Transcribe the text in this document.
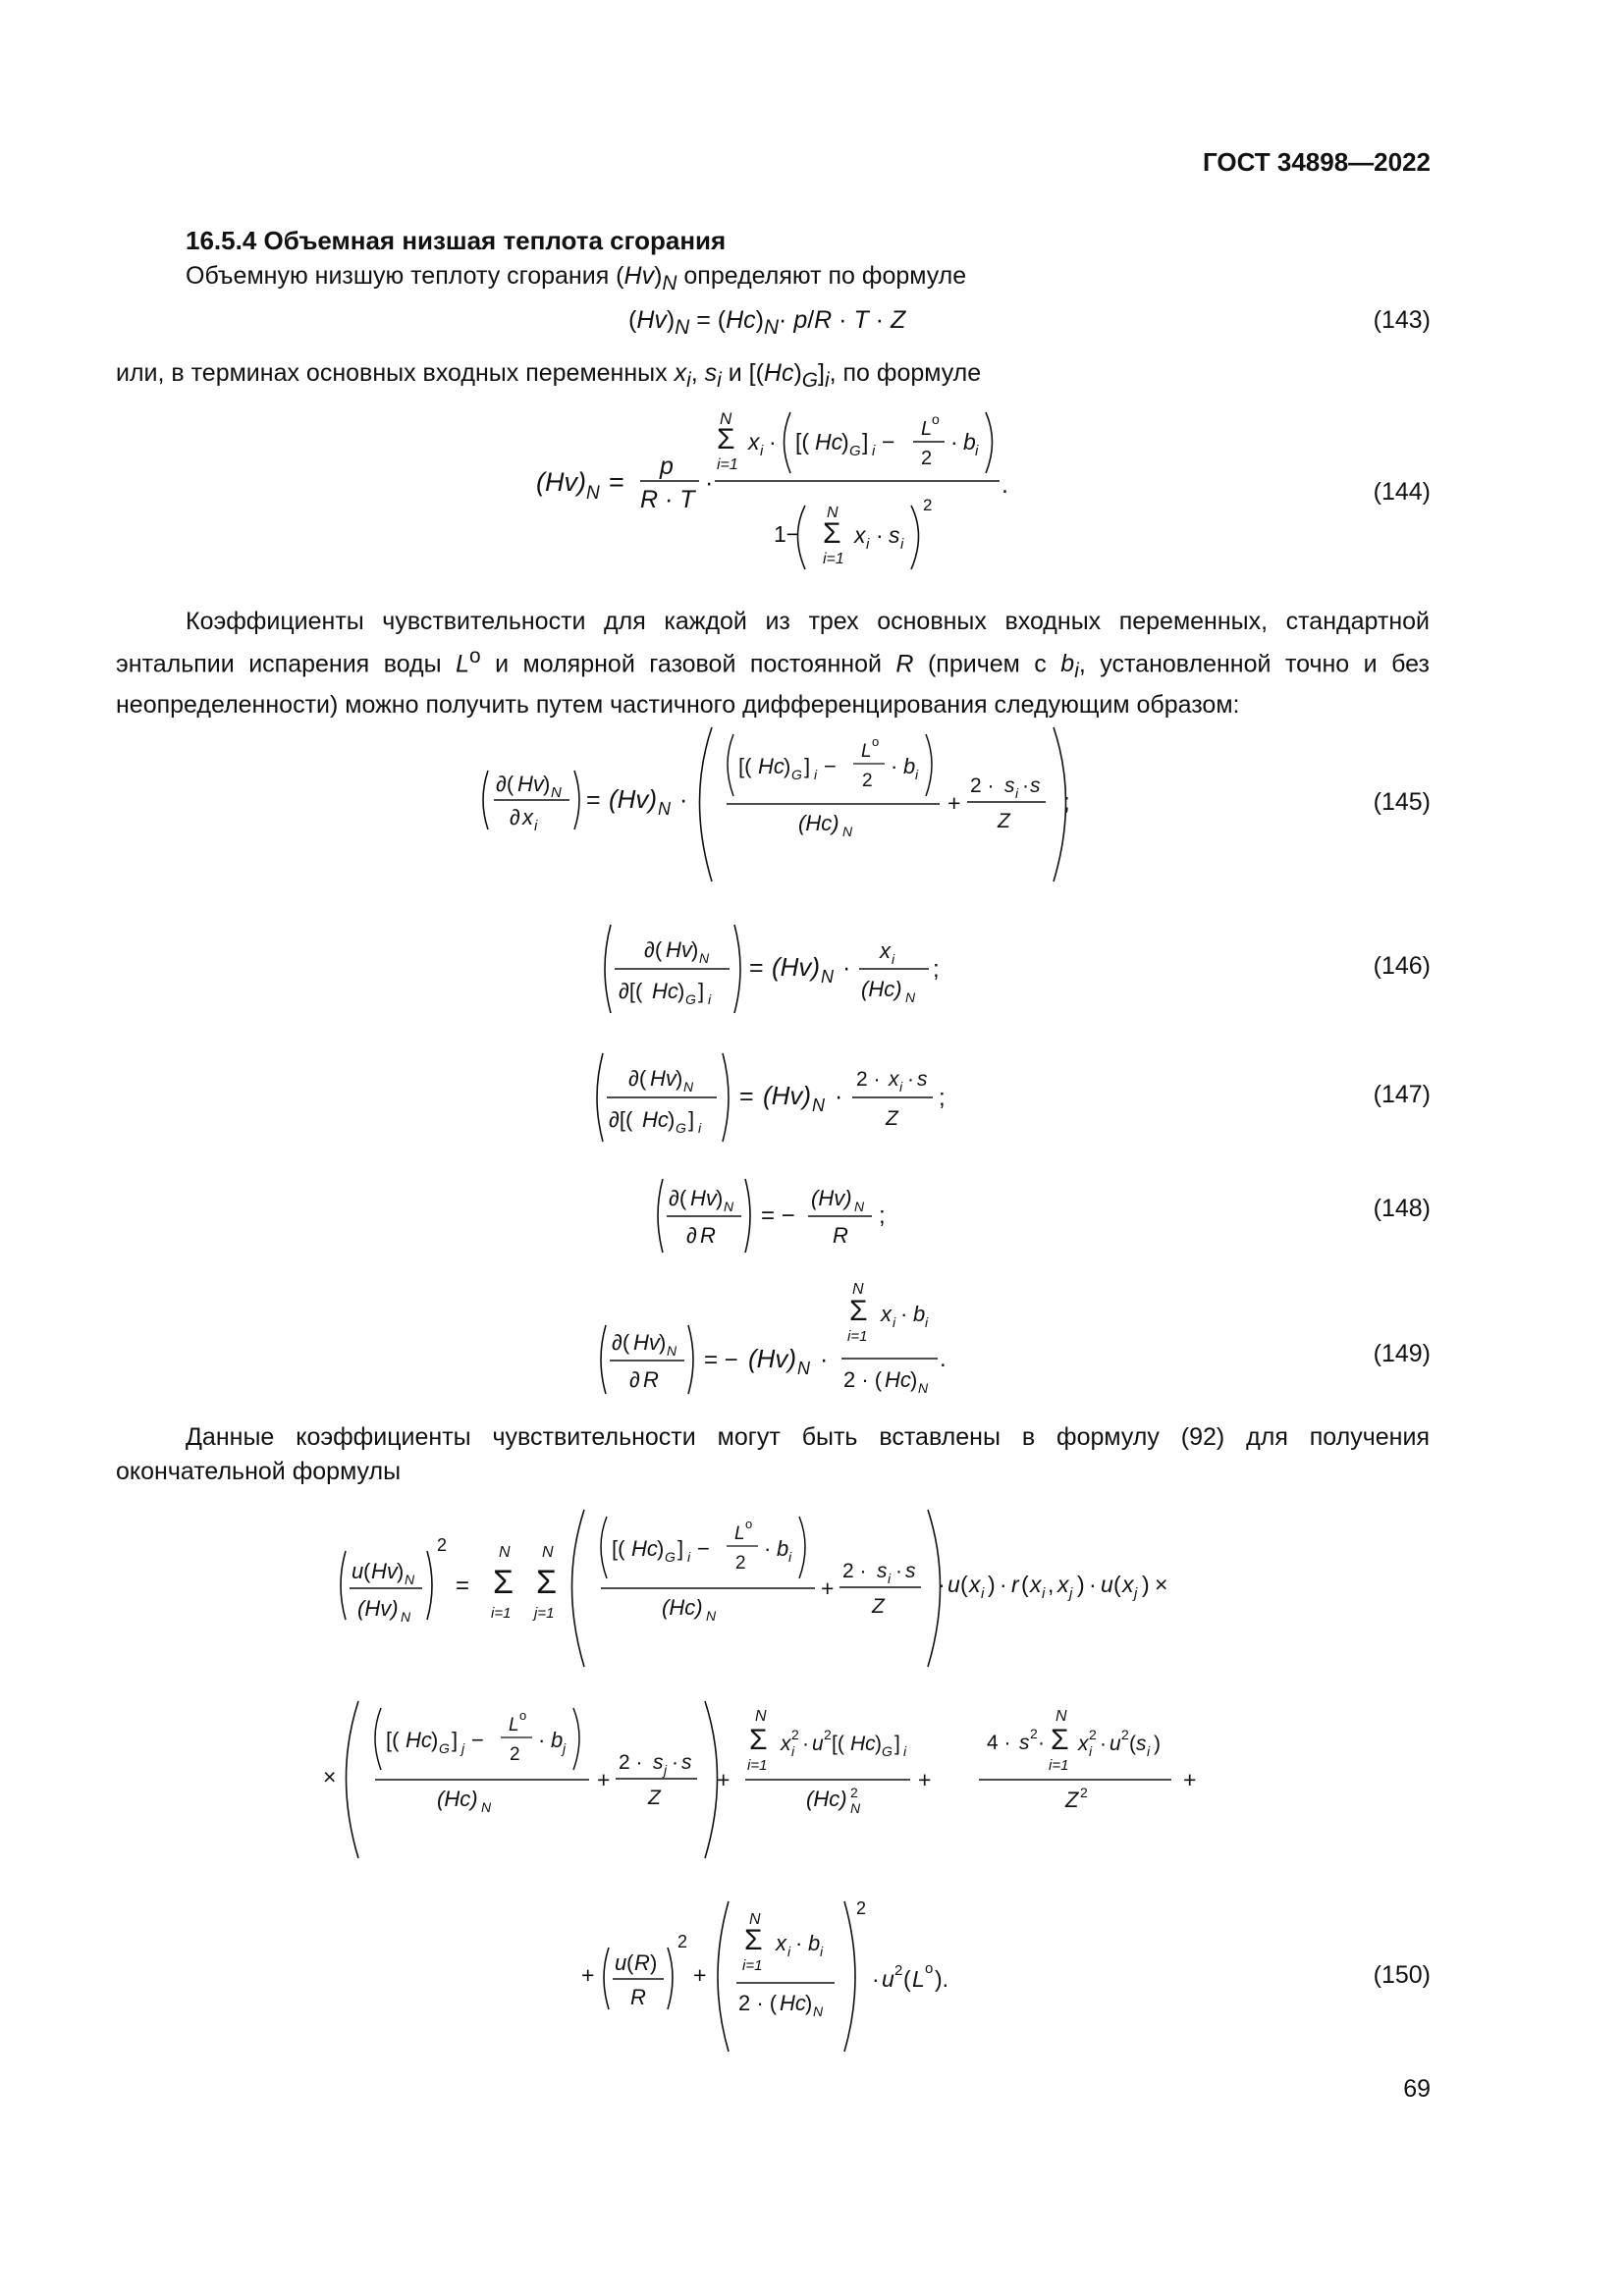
ГОСТ 34898—2022
16.5.4 Объемная низшая теплота сгорания
Объемную низшую теплоту сгорания $(Hv)_N$ определяют по формуле
$(Hv)_N = (Hc)_N\cdot p/R \cdot T \cdot Z$	(143)
или, в терминах основных входных переменных $x_i$, $s_i$ и $[(Hc)_G]_i$, по формуле
(Hv) N =
p
R · T
·
N
Σ
i=1
x i · [( Hc
) G ] i − L o
2
· b i
1−
N
Σ
i=1
x i · s i
2
.	(144)
Коэффициенты чувствительности для каждой из трех основных входных переменных, стандартной энтальпии испарения воды $L^o$ и молярной газовой постоянной R (причем с $b_i$, установленной точно и без неопределенности) можно получить путем частичного дифференцирования следующим образом:
∂( Hv ) N
∂ x i
= (Hv) N ·
[( Hc ) G ] i −
L o
2
· b i
(Hc) N
+
2 · s i · s
Z
;	(145)
∂( Hv ) N
∂[( Hc ) G ] i
= (Hv) N ·
x i
(Hc) N
;	(146)
∂( Hv ) N
∂[( Hc ) G ] i
= (Hv) N ·
2 · x i · s
Z
;	(147)
∂( Hv ) N
∂ R
= −
(Hv) N
R
;	(148)
∂( Hv ) N
∂ R
= − (Hv) N ·
N
Σ
i=1
x i · b i
2 · ( Hc ) N
.	(149)
Данные коэффициенты чувствительности могут быть вставлены в формулу (92) для получения окончательной формулы
u ( Hv ) N
(Hv) N
2
=
N
Σ
i=1
N
Σ
j=1
[( Hc ) G ] i −
L o
2
· b i
(Hc) N
+
2 · s i · s
Z
· u ( x i ) · r ( x i , x j ) · u ( x j ) ×
×
[( Hc ) G ] j −
L o
2
· b j
(Hc) N
+
2 · s j · s
Z
+
N
Σ
i=1
x 2
i · u 2 [( Hc ) G ] i
(Hc) 2
N
+
4 · s 2 ·
N
Σ
i=1
x 2
i · u 2 ( s i )
Z 2	+
+ u ( R )
R
2
+
N
Σ
i=1
x i · b i
2 · ( Hc ) N
2
· u 2 ( L o ).	(150)
69
